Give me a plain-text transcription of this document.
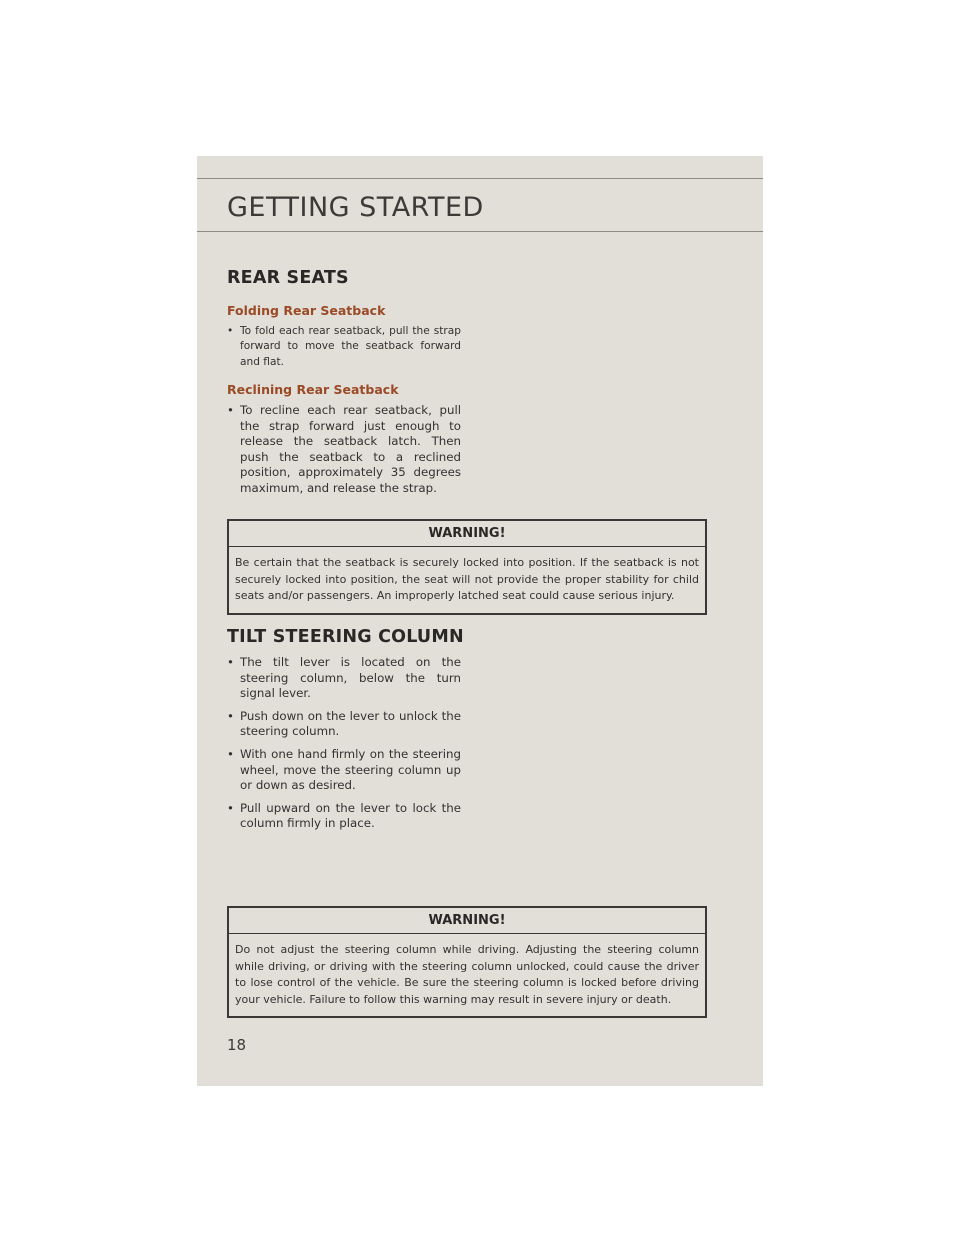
GETTING STARTED
REAR SEATS
Folding Rear Seatback
• To fold each rear seatback, pull the strap forward to move the seatback forward and flat.
Reclining Rear Seatback
• To recline each rear seatback, pull the strap forward just enough to release the seatback latch. Then push the seatback to a reclined position, approximately 35 degrees maximum, and release the strap.
WARNING!
Be certain that the seatback is securely locked into position. If the seatback is not securely locked into position, the seat will not provide the proper stability for child seats and/or passengers. An improperly latched seat could cause serious injury.
TILT STEERING COLUMN
• The tilt lever is located on the steering column, below the turn signal lever.
• Push down on the lever to unlock the steering column.
• With one hand firmly on the steering wheel, move the steering column up or down as desired.
• Pull upward on the lever to lock the column firmly in place.
WARNING!
Do not adjust the steering column while driving. Adjusting the steering column while driving, or driving with the steering column unlocked, could cause the driver to lose control of the vehicle. Be sure the steering column is locked before driving your vehicle. Failure to follow this warning may result in severe injury or death.

18
